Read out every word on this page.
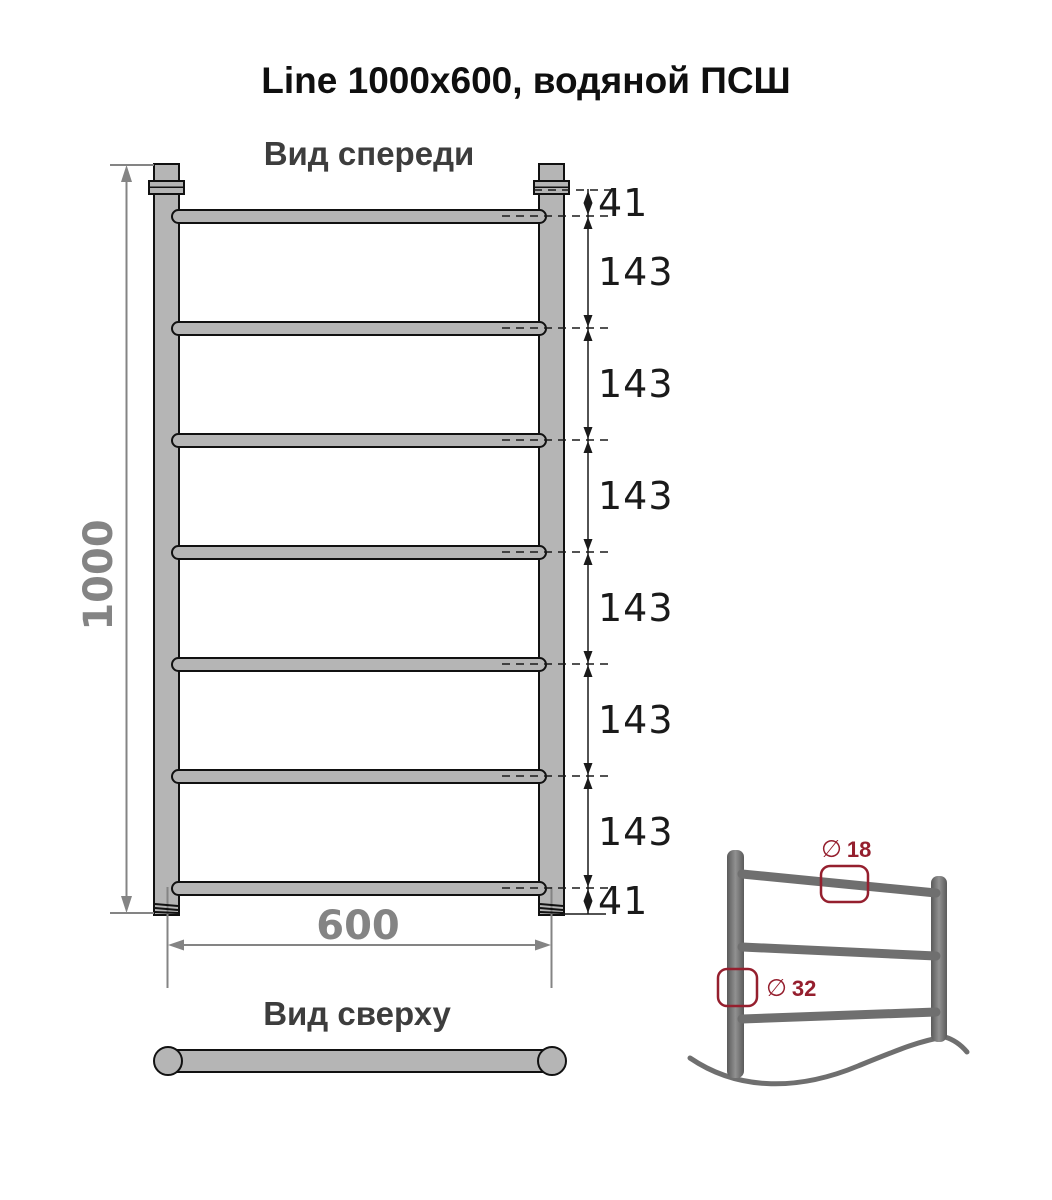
Line 1000x600, водяной ПСШ
Вид спереди
1000
600
41
143
143
143
143
143
143
41
Вид сверху
∅ 18
∅ 32
